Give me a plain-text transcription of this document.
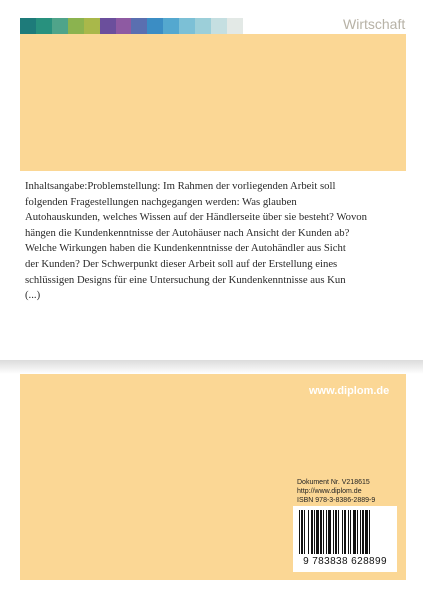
Wirtschaft

Inhaltsangabe:Problemstellung: Im Rahmen der vorliegenden Arbeit soll
folgenden Fragestellungen nachgegangen werden: Was glauben
Autohauskunden, welches Wissen auf der Händlerseite über sie besteht? Wovon
hängen die Kundenkenntnisse der Autohäuser nach Ansicht der Kunden ab?
Welche Wirkungen haben die Kundenkenntnisse der Autohändler aus Sicht
der Kunden? Der Schwerpunkt dieser Arbeit soll auf der Erstellung eines
schlüssigen Designs für eine Untersuchung der Kundenkenntnisse aus Kun
(...)

www.diplom.de
Dokument Nr. V218615
http://www.diplom.de
ISBN 978-3-8386-2889-9
9 783838 628899
